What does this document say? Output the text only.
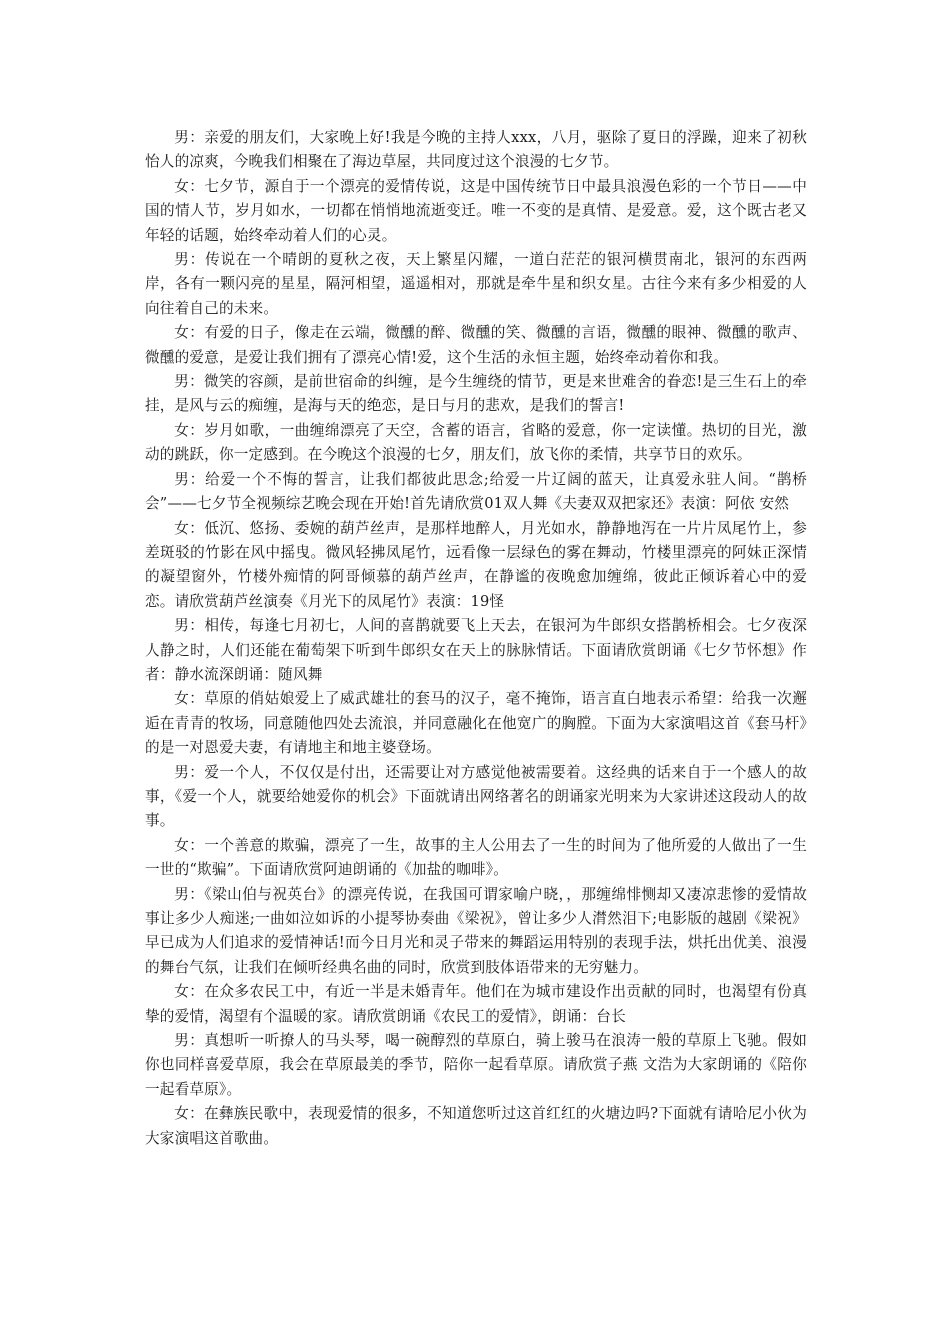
男：亲爱的朋友们，大家晚上好!我是今晚的主持人xxx，八月，驱除了夏日的浮躁，迎来了初秋怡人的凉爽，今晚我们相聚在了海边草屋，共同度过这个浪漫的七夕节。

女：七夕节，源自于一个漂亮的爱情传说，这是中国传统节日中最具浪漫色彩的一个节日——中国的情人节，岁月如水，一切都在悄悄地流逝变迁。唯一不变的是真情、是爱意。爱，这个既古老又年轻的话题，始终牵动着人们的心灵。

男：传说在一个晴朗的夏秋之夜，天上繁星闪耀，一道白茫茫的银河横贯南北，银河的东西两岸，各有一颗闪亮的星星，隔河相望，遥遥相对，那就是牵牛星和织女星。古往今来有多少相爱的人向往着自己的未来。

女：有爱的日子，像走在云端，微醺的醉、微醺的笑、微醺的言语，微醺的眼神、微醺的歌声、微醺的爱意，是爱让我们拥有了漂亮心情!爱，这个生活的永恒主题，始终牵动着你和我。

男：微笑的容颜，是前世宿命的纠缠，是今生缠绕的情节，更是来世难舍的眷恋!是三生石上的牵挂，是风与云的痴缠，是海与天的绝恋，是日与月的悲欢，是我们的誓言!

女：岁月如歌，一曲缠绵漂亮了天空，含蓄的语言，省略的爱意，你一定读懂。热切的目光，激动的跳跃，你一定感到。在今晚这个浪漫的七夕，朋友们，放飞你的柔情，共享节日的欢乐。

男：给爱一个不悔的誓言，让我们都彼此思念;给爱一片辽阔的蓝天，让真爱永驻人间。“鹊桥会”——七夕节全视频综艺晚会现在开始!首先请欣赏01双人舞《夫妻双双把家还》表演：阿依 安然

女：低沉、悠扬、委婉的葫芦丝声，是那样地醉人，月光如水，静静地泻在一片片凤尾竹上，参差斑驳的竹影在风中摇曳。微风轻拂凤尾竹，远看像一层绿色的雾在舞动，竹楼里漂亮的阿妹正深情的凝望窗外，竹楼外痴情的阿哥倾慕的葫芦丝声，在静谧的夜晚愈加缠绵，彼此正倾诉着心中的爱恋。请欣赏葫芦丝演奏《月光下的凤尾竹》表演：19怪

男：相传，每逢七月初七，人间的喜鹊就要飞上天去，在银河为牛郎织女搭鹊桥相会。七夕夜深人静之时，人们还能在葡萄架下听到牛郎织女在天上的脉脉情话。下面请欣赏朗诵《七夕节怀想》作者：静水流深朗诵：随风舞

女：草原的俏姑娘爱上了威武雄壮的套马的汉子，毫不掩饰，语言直白地表示希望：给我一次邂逅在青青的牧场，同意随他四处去流浪，并同意融化在他宽广的胸膛。下面为大家演唱这首《套马杆》的是一对恩爱夫妻，有请地主和地主婆登场。

男：爱一个人，不仅仅是付出，还需要让对方感觉他被需要着。这经典的话来自于一个感人的故事，《爱一个人，就要给她爱你的机会》下面就请出网络著名的朗诵家光明来为大家讲述这段动人的故事。

女：一个善意的欺骗，漂亮了一生，故事的主人公用去了一生的时间为了他所爱的人做出了一生一世的“欺骗”。下面请欣赏阿迪朗诵的《加盐的咖啡》。

男：《梁山伯与祝英台》的漂亮传说，在我国可谓家喻户晓，，那缠绵悱恻却又凄凉悲惨的爱情故事让多少人痴迷;一曲如泣如诉的小提琴协奏曲《梁祝》，曾让多少人潸然泪下;电影版的越剧《梁祝》早已成为人们追求的爱情神话!而今日月光和灵子带来的舞蹈运用特别的表现手法，烘托出优美、浪漫的舞台气氛，让我们在倾听经典名曲的同时，欣赏到肢体语带来的无穷魅力。

女：在众多农民工中，有近一半是未婚青年。他们在为城市建设作出贡献的同时，也渴望有份真挚的爱情，渴望有个温暖的家。请欣赏朗诵《农民工的爱情》，朗诵：台长

男：真想听一听撩人的马头琴，喝一碗醇烈的草原白，骑上骏马在浪涛一般的草原上飞驰。假如你也同样喜爱草原，我会在草原最美的季节，陪你一起看草原。请欣赏子燕 文浩为大家朗诵的《陪你一起看草原》。

女：在彝族民歌中，表现爱情的很多，不知道您听过这首红红的火塘边吗?下面就有请哈尼小伙为大家演唱这首歌曲。
